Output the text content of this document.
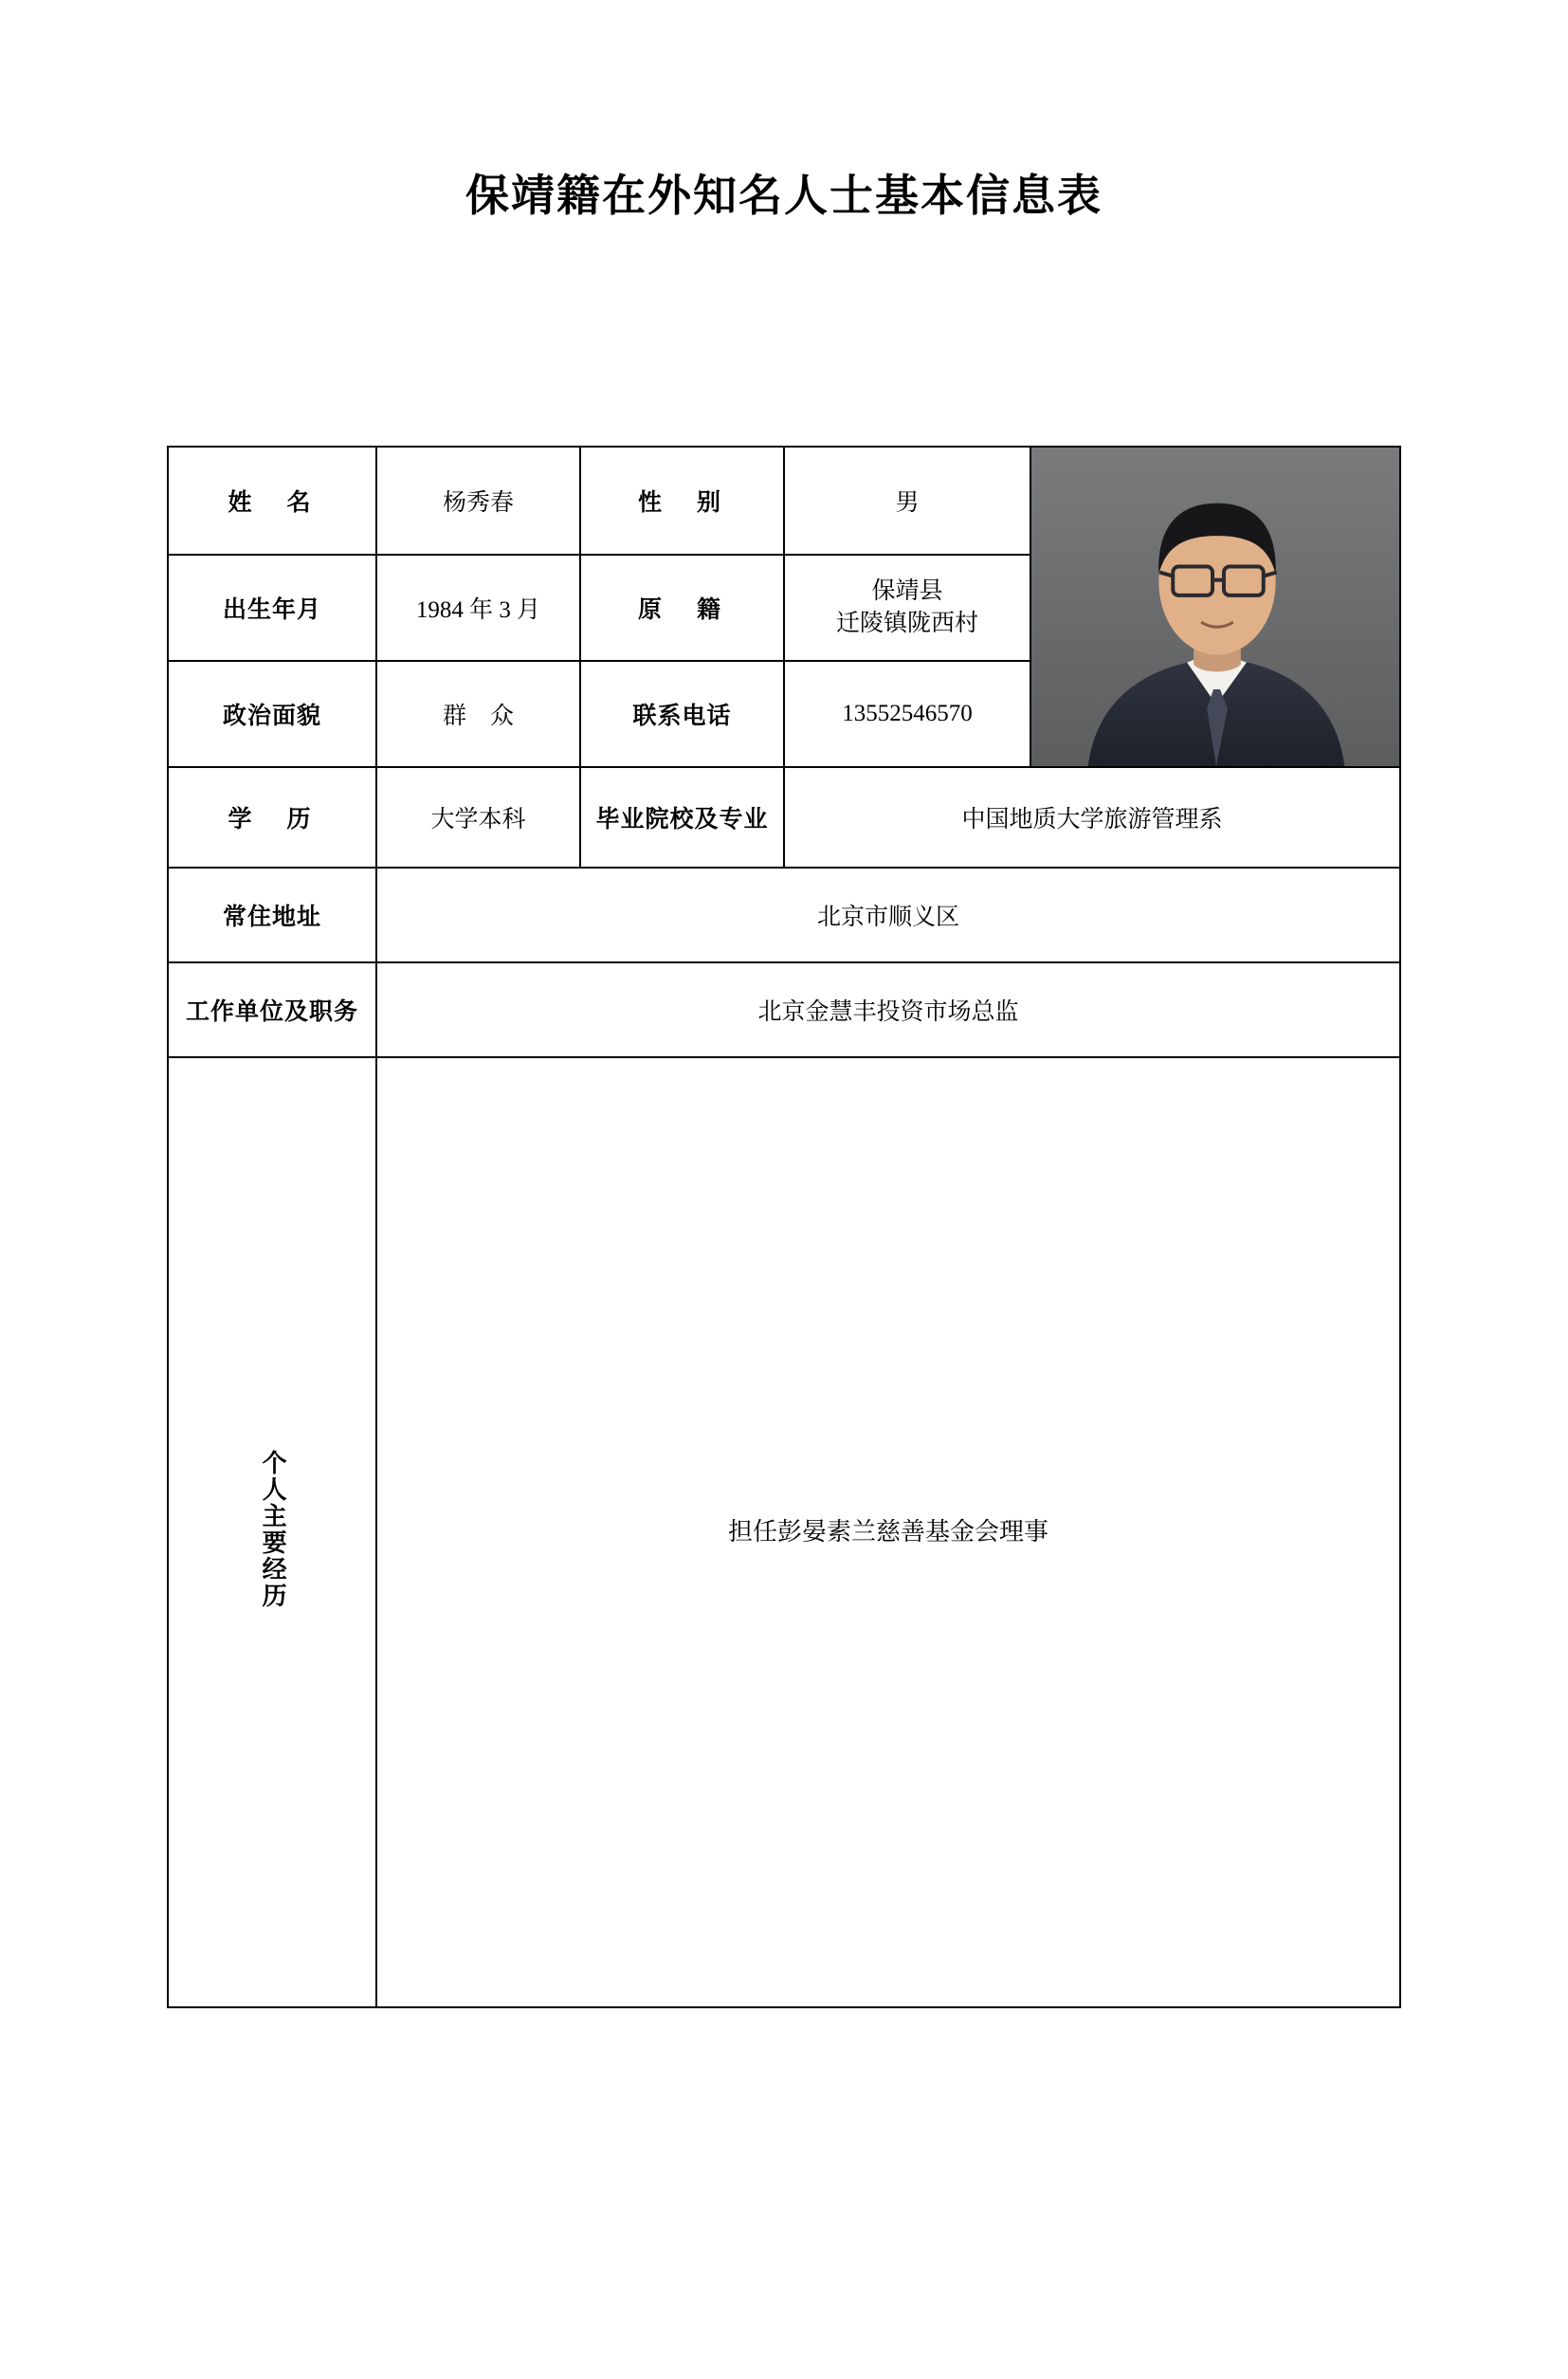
保靖籍在外知名人士基本信息表
姓　名	杨秀春	性　别	男	

出生年月	1984 年 3 月	原　籍	保靖县
迁陵镇陇西村	

政治面貌	群　众	联系电话	13552546570	
学　历	大学本科	毕业院校及专业	中国地质大学旅游管理系	
常住地址	北京市顺义区			
工作单位及职务	北京金慧丰投资市场总监			
个人主要经历	担任彭晏素兰慈善基金会理事			
